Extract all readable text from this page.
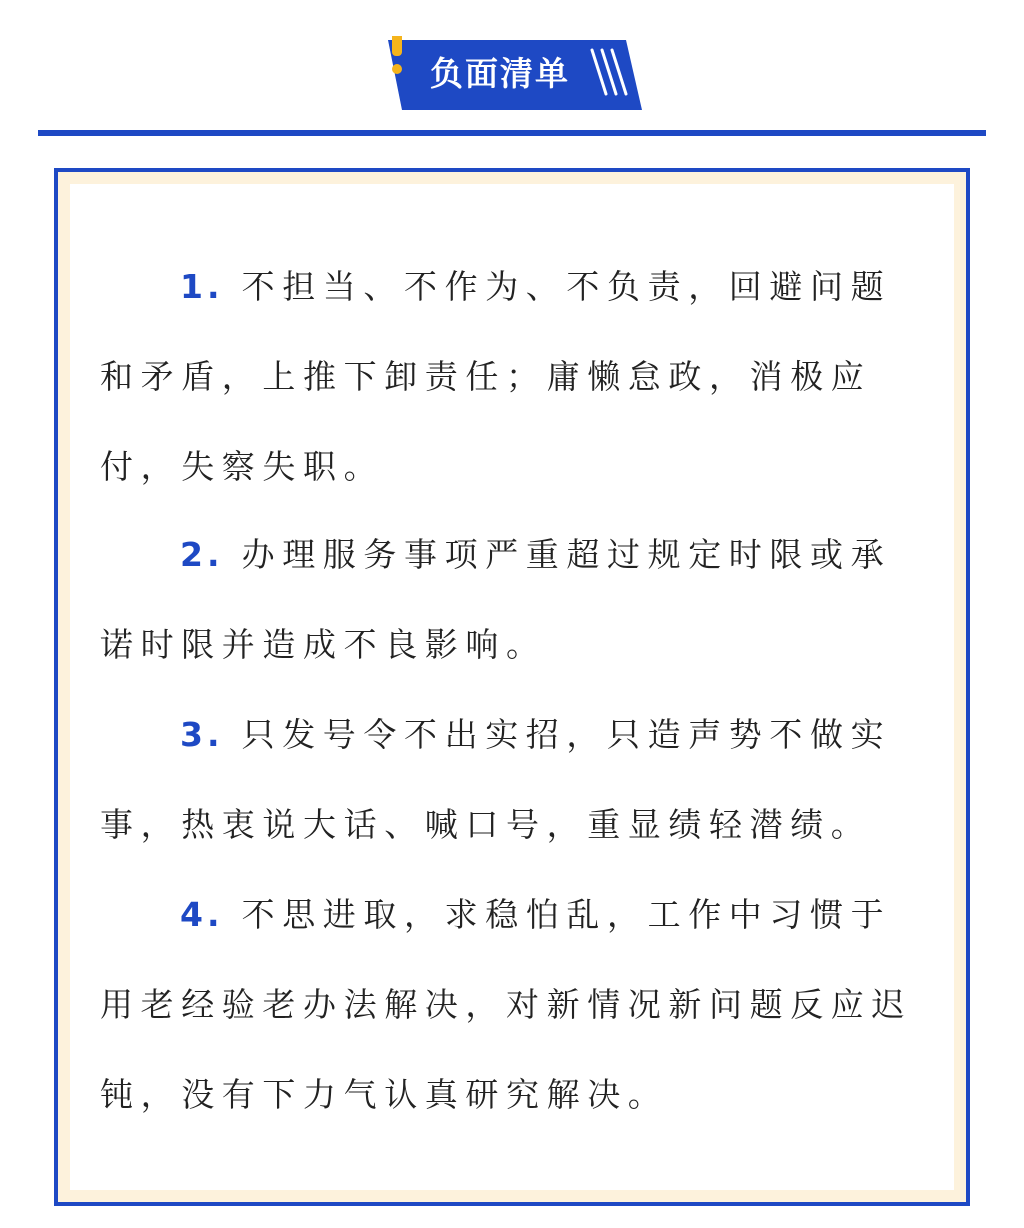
负面清单

1. 不担当、不作为、不负责，回避问题和矛盾，上推下卸责任；庸懒怠政，消极应付，失察失职。

2. 办理服务事项严重超过规定时限或承诺时限并造成不良影响。

3. 只发号令不出实招，只造声势不做实事，热衷说大话、喊口号，重显绩轻潜绩。

4. 不思进取，求稳怕乱，工作中习惯于用老经验老办法解决，对新情况新问题反应迟钝，没有下力气认真研究解决。
